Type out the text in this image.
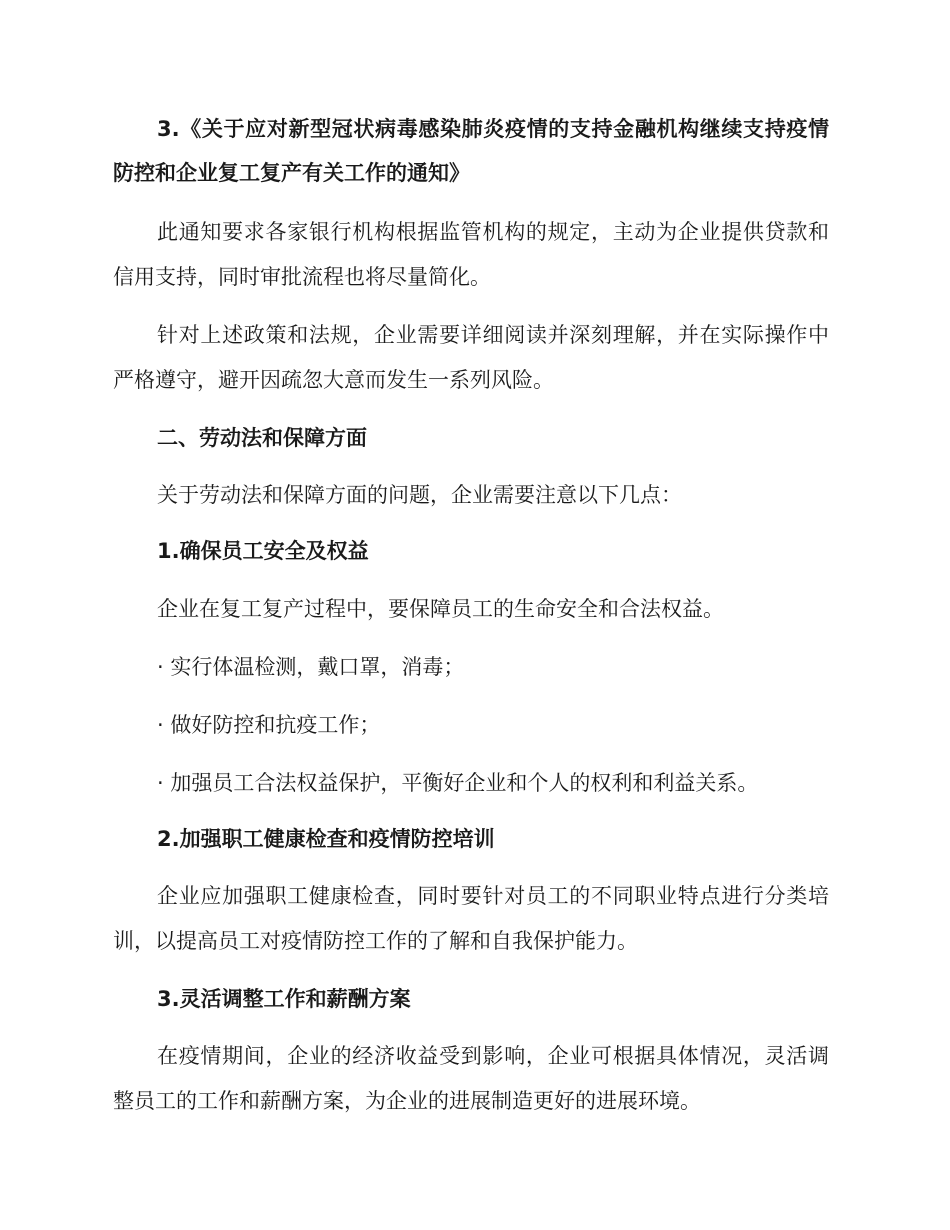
3.《关于应对新型冠状病毒感染肺炎疫情的支持金融机构继续支持疫情
防控和企业复工复产有关工作的通知》
此通知要求各家银行机构根据监管机构的规定，主动为企业提供贷款和
信用支持，同时审批流程也将尽量简化。
针对上述政策和法规，企业需要详细阅读并深刻理解，并在实际操作中
严格遵守，避开因疏忽大意而发生一系列风险。
二、劳动法和保障方面
关于劳动法和保障方面的问题，企业需要注意以下几点：
1.确保员工安全及权益
企业在复工复产过程中，要保障员工的生命安全和合法权益。
· 实行体温检测，戴口罩，消毒；
· 做好防控和抗疫工作；
· 加强员工合法权益保护，平衡好企业和个人的权利和利益关系。
2.加强职工健康检查和疫情防控培训
企业应加强职工健康检查，同时要针对员工的不同职业特点进行分类培
训，以提高员工对疫情防控工作的了解和自我保护能力。
3.灵活调整工作和薪酬方案
在疫情期间，企业的经济收益受到影响，企业可根据具体情况，灵活调
整员工的工作和薪酬方案，为企业的进展制造更好的进展环境。
